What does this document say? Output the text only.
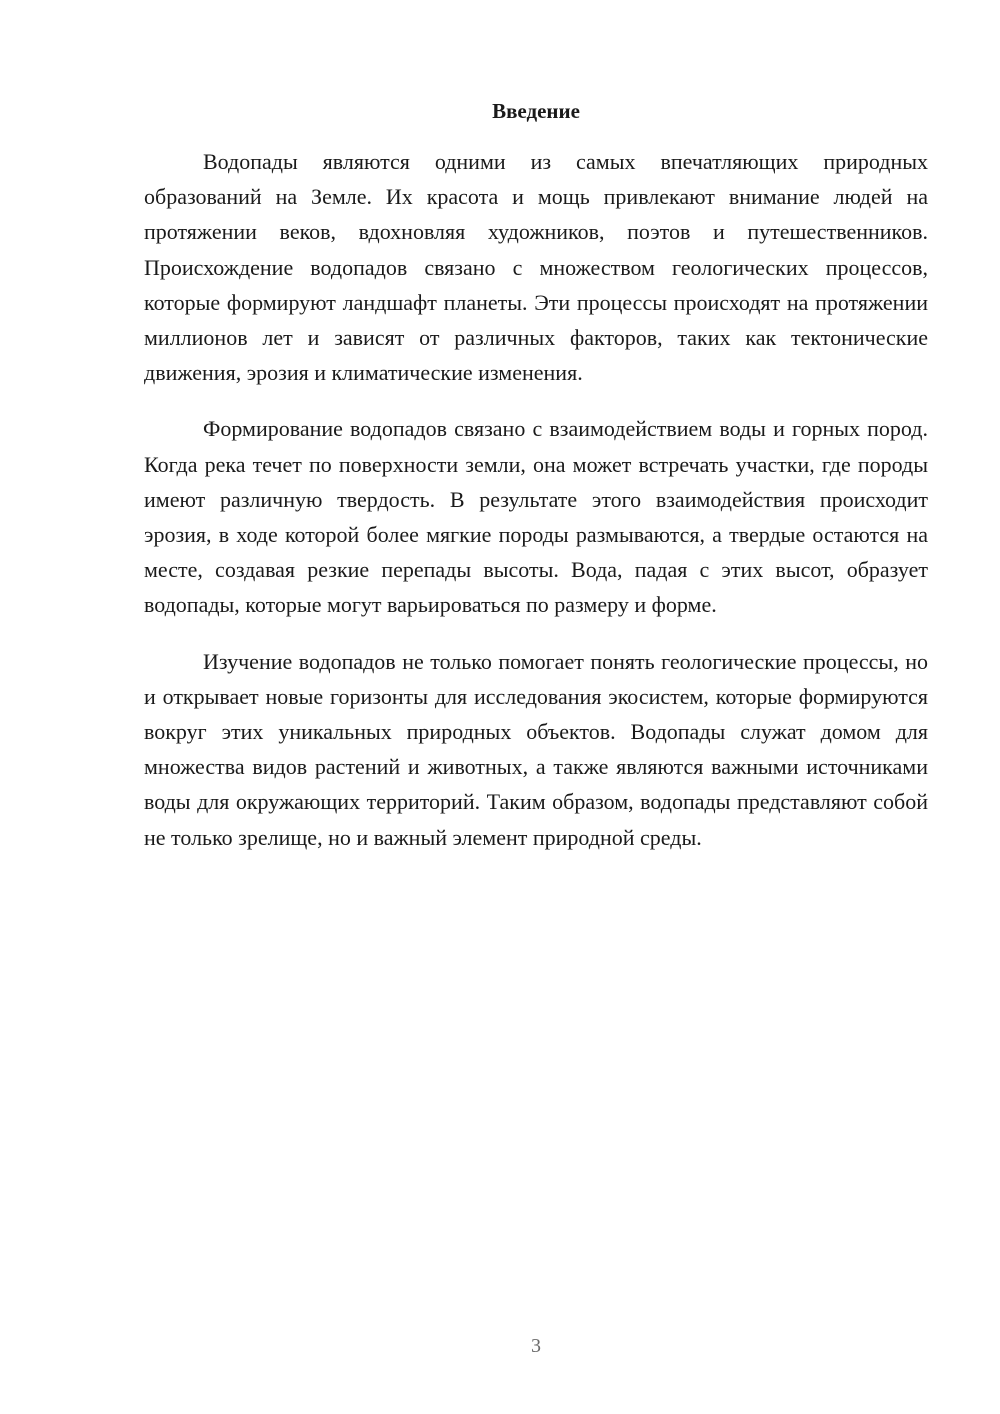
Введение

Водопады являются одними из самых впечатляющих природных образований на Земле. Их красота и мощь привлекают внимание людей на протяжении веков, вдохновляя художников, поэтов и путешественников. Происхождение водопадов связано с множеством геологических процессов, которые формируют ландшафт планеты. Эти процессы происходят на протяжении миллионов лет и зависят от различных факторов, таких как тектонические движения, эрозия и климатические изменения.

Формирование водопадов связано с взаимодействием воды и горных пород. Когда река течет по поверхности земли, она может встречать участки, где породы имеют различную твердость. В результате этого взаимодействия происходит эрозия, в ходе которой более мягкие породы размываются, а твердые остаются на месте, создавая резкие перепады высоты. Вода, падая с этих высот, образует водопады, которые могут варьироваться по размеру и форме.

Изучение водопадов не только помогает понять геологические процессы, но и открывает новые горизонты для исследования экосистем, которые формируются вокруг этих уникальных природных объектов. Водопады служат домом для множества видов растений и животных, а также являются важными источниками воды для окружающих территорий. Таким образом, водопады представляют собой не только зрелище, но и важный элемент природной среды.

3
